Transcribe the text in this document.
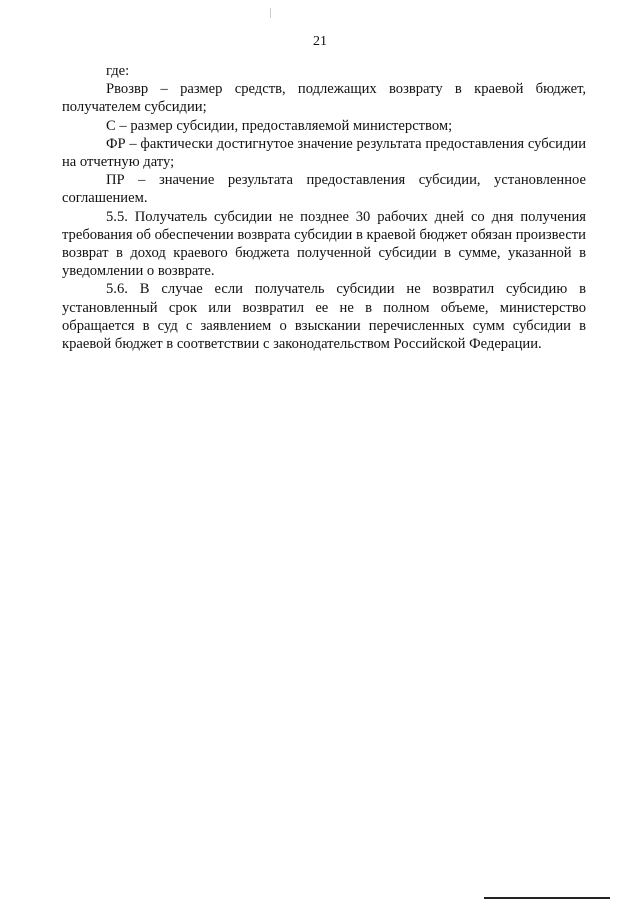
21

где:

Рвозвр – размер средств, подлежащих возврату в краевой бюджет, получателем субсидии;

С – размер субсидии, предоставляемой министерством;

ФР – фактически достигнутое значение результата предоставления субсидии на отчетную дату;

ПР – значение результата предоставления субсидии, установленное соглашением.

5.5. Получатель субсидии не позднее 30 рабочих дней со дня получения требования об обеспечении возврата субсидии в краевой бюджет обязан произвести возврат в доход краевого бюджета полученной субсидии в сумме, указанной в уведомлении о возврате.

5.6. В случае если получатель субсидии не возвратил субсидию в установленный срок или возвратил ее не в полном объеме, министерство обращается в суд с заявлением о взыскании перечисленных сумм субсидии в краевой бюджет в соответствии с законодательством Российской Федерации.
